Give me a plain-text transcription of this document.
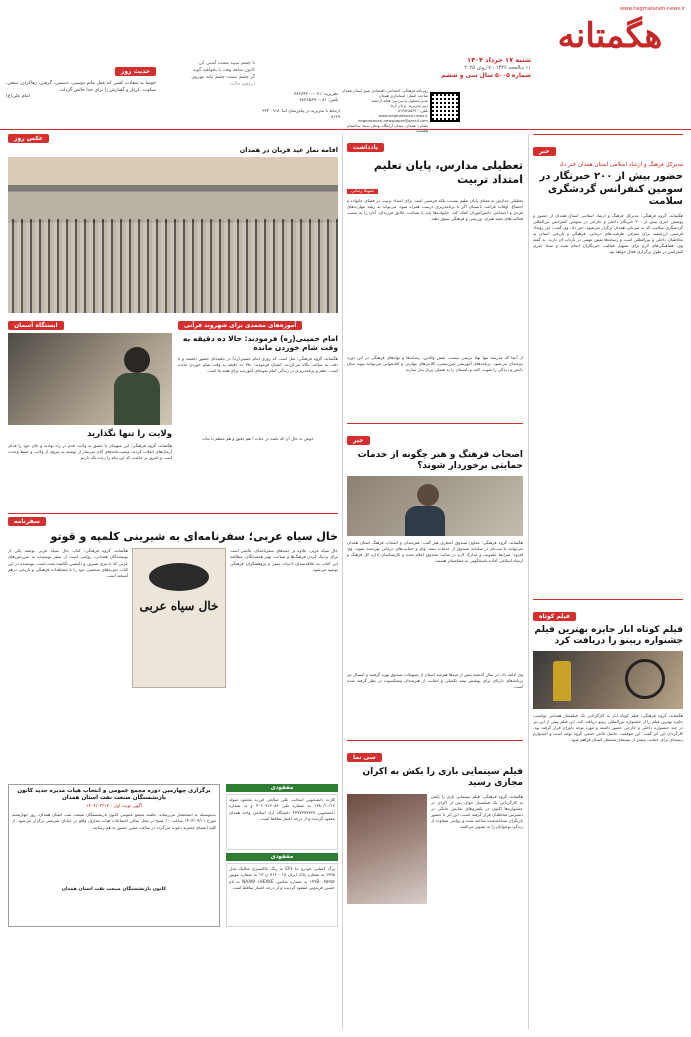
www.hegmataneh-news.ir
هگمتانه
شنبه ۱۷ خرداد ۱۴۰۴
۱۱ ذیالحجه ۱۴۴۶ - ۷ ژوئن ۲۰۲۵
شماره ۵۰۰۵ سال سی و ششم
روزنامه فرهنگی، اجتماعی، اقتصادی صبح استان همدان
صاحب امتیاز: استانداری همدان
مدیر مسئول و سردبیر: فتانه ارجمند
دبیر تحریریه: یزدان آزما
تلفن: ۰۸۱۳۸۲۸۵۶۹۰
www.hegmataneh-news.ir
hegmataneh-newspaper@gmail.com
نشانی: همدان، میدان آرامگاه بوعلی سینا، ساختمان هگمتانه
تحریریه: ۰۸۱-۳۸۲۸۴۲۰۰
تلفن: ۰۸۱-۳۸۲۸۵۶۹۰
ارتباط با تحریریه در پیام‌رسان ایتا: ۰۹۱۸ ۳۲۴ ۸۱۲۹
با چشم سپید مست آشتی کن
کانون شاهد وقت با بخواهید گوید
گر چشم مست چشم نکند مهروی
ابراهیم حالت
حدیث روز
خوشا به سعادت کسی که عمل مانم دوستی، دشمنی، گرفتن، رهاکردن، سخن، سکوت، کردار و گفتارش را برای خدا خالص گرداند.
امام علی(ع)
خبر
مدیرکل فرهنگ و ارشاد اسلامی استان همدان خبر داد
حضور بیش از ۲۰۰ خبرنگار در سومین کنفرانس گردشگری سلامت
هگمتانه، گروه فرهنگی: مدیرکل فرهنگ و ارشاد اسلامی استان همدان از حضور و پوشش خبری بیش از ۲۰۰ خبرنگار داخلی و خارجی در سومین کنفرانس بین‌المللی گردشگری سلامت که به میزبانی همدان برگزار می‌شود، خبر داد. وی گفت: این رویداد فرصتی ارزشمند برای معرفی ظرفیت‌های درمانی، فرهنگی و تاریخی استان به مخاطبان داخلی و بین‌المللی است و رسانه‌ها نقش مهمی در بازتاب آن دارند. به گفته وی، هماهنگی‌های لازم برای تسهیل فعالیت خبرنگاران انجام شده و ستاد خبری کنفرانس در طول برگزاری فعال خواهد بود.
فیلم کوتاه
فیلم کوتاه ابار جایزه بهترین فیلم جشنواره ربینو را دریافت کرد
هگمتانه، گروه فرهنگی: فیلم کوتاه ابار به کارگردانی یک فیلمساز همدانی توانست جایزه بهترین فیلم را از جشنواره بین‌المللی ربینو دریافت کند. این فیلم پیش از این نیز در چند جشنواره داخلی و خارجی حضور داشته و مورد توجه داوران قرار گرفته بود. کارگردان این اثر گفت: این موفقیت حاصل تلاش جمعی گروه تولید است و امیدوارم زمینه‌ای برای حمایت بیشتر از سینمای مستقل استان فراهم شود.
یادداشت
تعطیلی مدارس، پایان تعلیم امتداد تربیت
سهیلا زمانی
تعطیلی مدارس به معنای پایان تعلیم نیست، بلکه فرصتی است برای امتداد تربیت در فضای خانواده و اجتماع. اوقات فراغت تابستان اگر با برنامه‌ریزی درست همراه شود، می‌تواند به رشد مهارت‌های فردی و اجتماعی دانش‌آموزان کمک کند. خانواده‌ها باید با شناخت علایق فرزندان، آنان را به سمت فعالیت‌های مفید هنری، ورزشی و فرهنگی سوق دهند.
از آنجا که مدرسه تنها نهاد تربیتی نیست، نقش والدین، رسانه‌ها و نهادهای فرهنگی در این دوره دوچندان می‌شود. برنامه‌های آموزشی غیررسمی، کلاس‌های مهارتی و کتابخوانی می‌توانند پیوند میان دانش و زندگی را تقویت کنند و تابستان را به فصلی پربار بدل سازند.
خبر
اصحاب فرهنگ و هنر چگونه از خدمات حمایتی برخوردار شوند؟
هگمتانه، گروه فرهنگی: معاون صندوق اعتباری هنر گفت: هنرمندان و اصحاب فرهنگ استان همدان می‌توانند با ثبت‌نام در سامانه صندوق از خدمات بیمه، وام و حمایت‌های درمانی بهره‌مند شوند. وی افزود: شرایط عضویت و مدارک لازم در سایت صندوق اعلام شده و کارشناسان اداره کل فرهنگ و ارشاد اسلامی آماده پاسخگویی به متقاضیان هستند.
وی ادامه داد: در سال گذشته بیش از صدها هنرمند استان از تسهیلات صندوق بهره گرفتند و امسال نیز برنامه‌های تازه‌ای برای پوشش بیمه تکمیلی و حمایت از هنرمندان پیشکسوت در نظر گرفته شده است.
سی نما
فیلم سینمایی بازی را بکش به اکران مجازی رسید
هگمتانه، گروه فرهنگی: فیلم سینمایی بازی را بکش به کارگردانی یک فیلمساز جوان پس از اکران در جشنواره‌ها اکنون در پلتفرم‌های نمایش خانگی در دسترس مخاطبان قرار گرفته است. این اثر با حضور بازیگران شناخته‌شده ساخته شده و روایتی متفاوت از زندگی نوجوانان را به تصویر می‌کشد.
عکس روز
اقامه نماز عید قربان در همدان
آموزه‌های محمدی برای شهروند قرآنی
امام خمینی(ره) فرمودند: حالا ده دقیقه به وقت شام خوردن مانده
هگمتانه، گروه فرهنگی: نقل است که روزی امام خمینی(ره) در جلسه‌ای حضور داشتند و با دقت به ساعت نگاه می‌کردند. ایشان فرمودند: حالا ده دقیقه به وقت شام خوردن مانده است. نظم و برنامه‌ریزی در زندگی امام نمونه‌ای آموزنده برای همه ما است.
خوش به حال آن که باشد در حیات / هم دقیق و هم منظم با ثبات
ایستگاه آسمان
ولایت را تنها نگذارید
هگمتانه، گروه فرهنگی: این شهیدان با عشق به ولایت قدم در راه نهادند و جان خود را فدای آرمان‌های انقلاب کردند. وصیت‌نامه‌های آنان سرشار از توصیه به پیروی از ولایت و حفظ وحدت است و امروز بر ماست که این پیام را زنده نگه داریم.
سفرنامه
خال سیاه عربی؛ سفرنامه‌ای به شیرینی کلمپه و قوتو
خال سیاه عربی، علاوه بر جنبه‌های سفرنامه‌ای، تلاشی است برای نزدیک کردن فرهنگ‌ها و شناخت بهتر همسایگان. مطالعه این کتاب به علاقه‌مندان ادبیات سفر و پژوهشگران فرهنگی توصیه می‌شود.
خال سیاه عربی
هگمتانه، گروه فرهنگی: کتاب خال سیاه عربی نوشته یکی از نویسندگان همدانی، روایتی است از سفر نویسنده به سرزمین‌های عربی که با نثری شیرین و دلنشین نگاشته شده است. نویسنده در این کتاب تجربه‌های شخصی خود را با مشاهدات فرهنگی و تاریخی درهم آمیخته است.
مفقودی
کارت دانشجویی اینجانب علی صالحی فرزند محمود متولد ۱۳۸۰/۱۰/۱۶ به شماره ملی ۴۰۲۰۹۱۳۰۸۳ و به شماره دانشجویی ۴۳۷۷۳۷۷۷۲۷ دانشگاه آزاد اسلامی واحد همدان مفقود گردیده و از درجه اعتبار ساقط است.
مفقودی
برگ کمپانی خودرو دنا EF۷ به رنگ خاکستری متالیک مدل ۱۳۹۸ به شماره پلاک ایران ۱۸ - ۷۱۶ ن ۱۳ به شماره موتور ۱۴۷B۰۰۴۵۳۵۲ به شماره شاسی NAAW۰۱HEXKE به نام حسین فریدونی مفقود گردیده و از درجه اعتبار ساقط است.
برگزاری چهارمین دوره مجمع عمومی و انتخاب هیات مدیره جدید کانون بازنشستگان صنعت نفت استان همدان
آگهی نوبت اول - ۱۴۰۴/۰۳/۱۷
بدینوسیله به استحضار می‌رساند، جلسه مجمع عمومی کانون بازنشستگان صنعت نفت استان همدان، روز چهارشنبه مورخ ۱۴۰۴/۰۴/۱۱ ساعت ۱۰ صبح در محل سالن اجتماعات هیات معارف واقع در خیابان شریعتی برگزار می‌شود. از کلیه اعضای محترم دعوت می‌گردد در ساعت مقرر حضور به هم رسانند.
کانون بازنشستگان صنعت نفت استان همدان
